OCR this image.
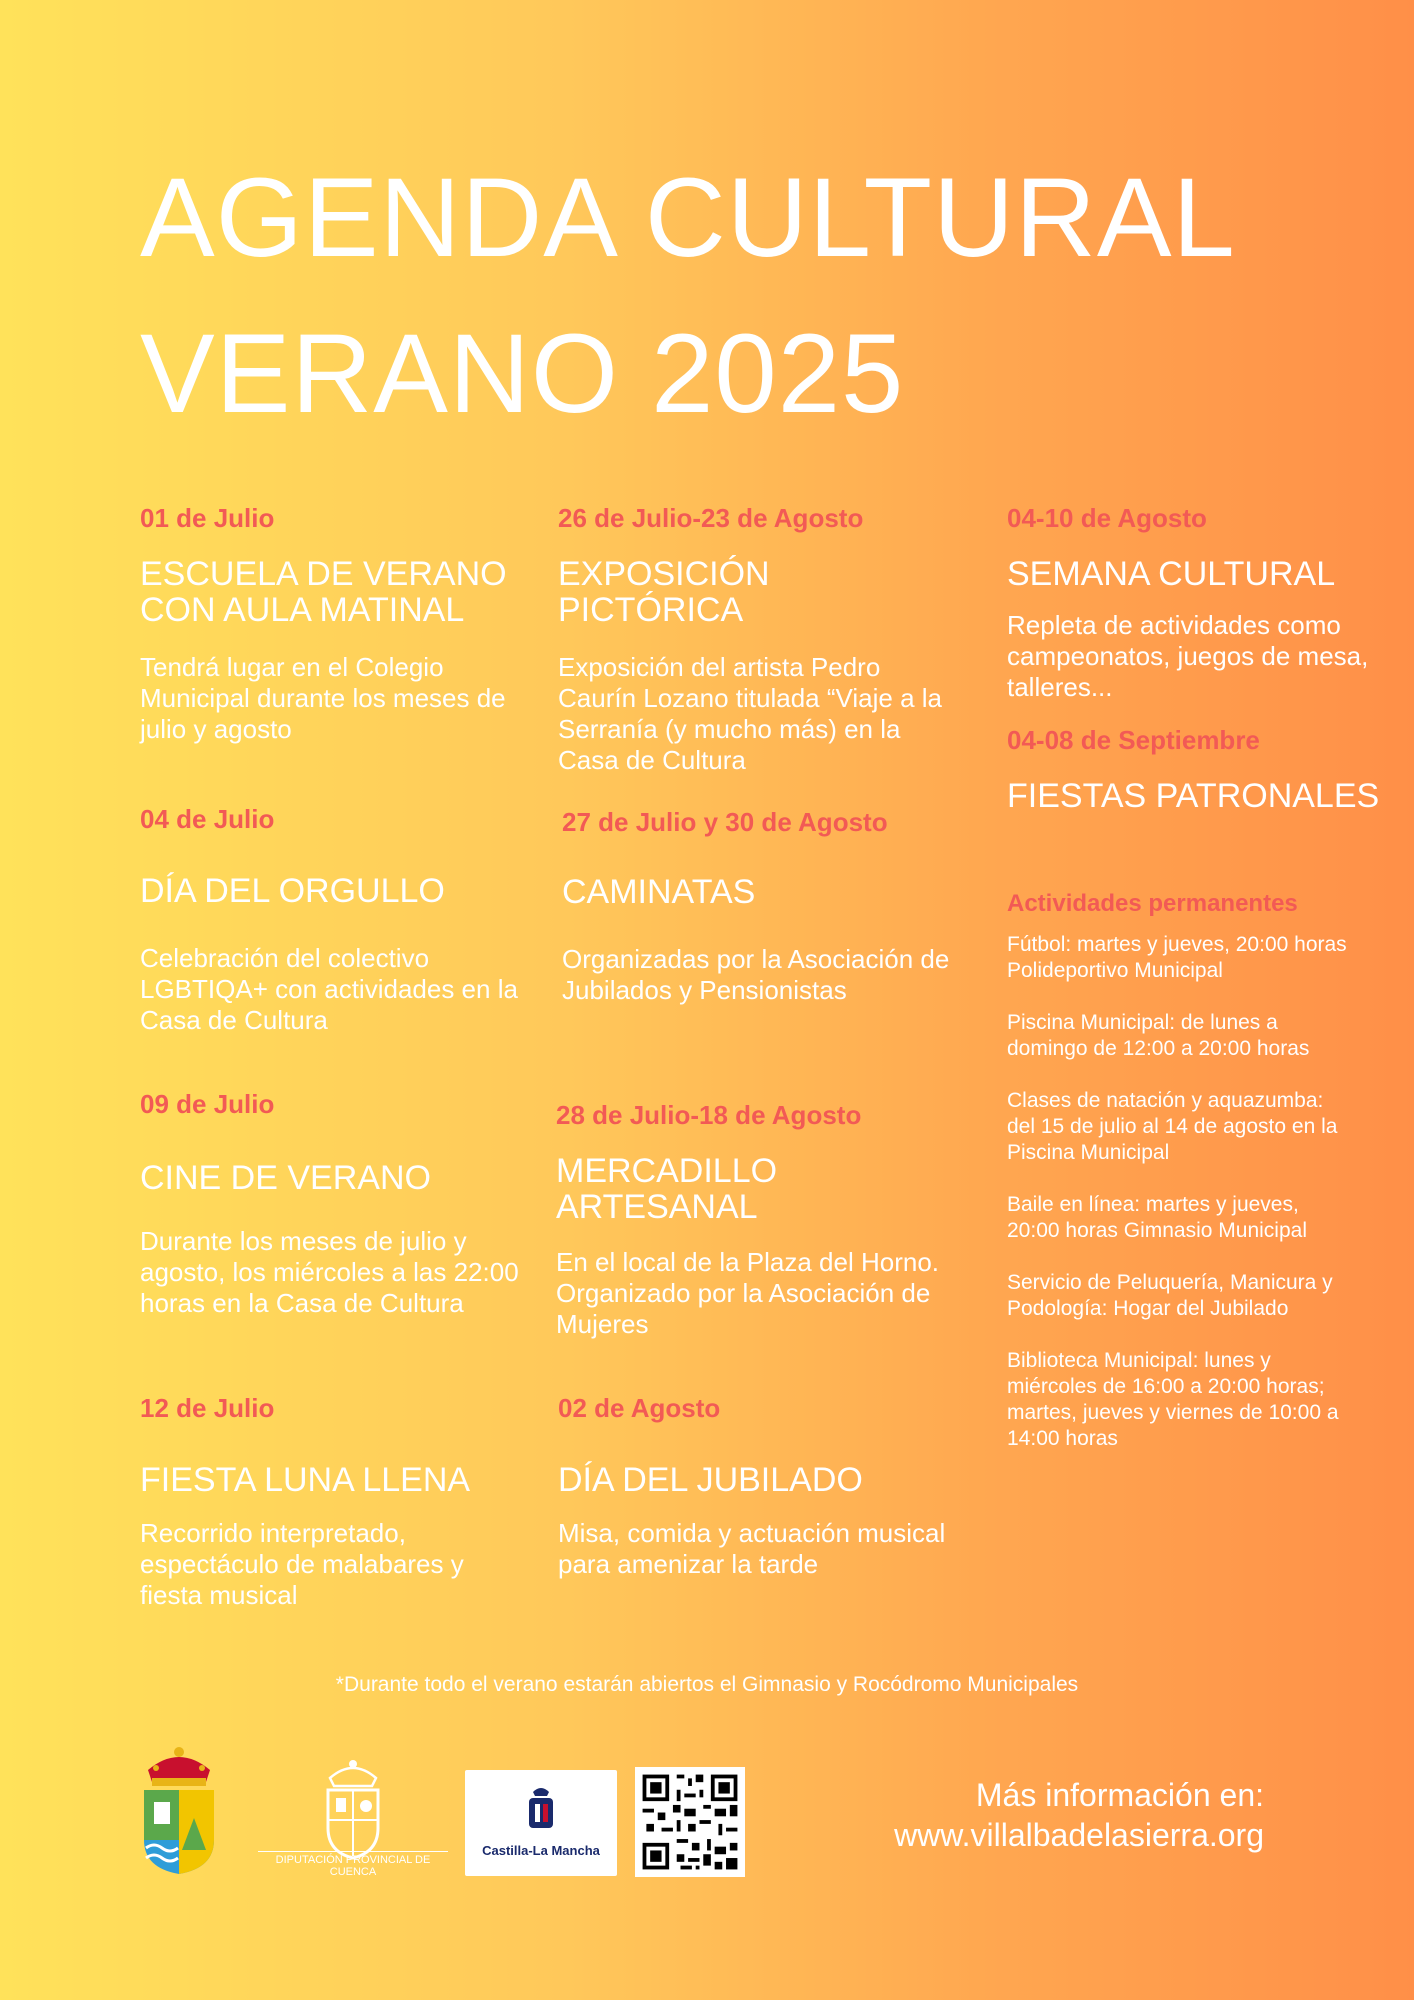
AGENDA CULTURAL
VERANO 2025
01 de Julio
ESCUELA DE VERANO CON AULA MATINAL
Tendrá lugar en el Colegio Municipal durante los meses de julio y agosto
04 de Julio
DÍA DEL ORGULLO
Celebración del colectivo LGBTIQA+ con actividades en la Casa de Cultura
09 de Julio
CINE DE VERANO
Durante los meses de julio y agosto, los miércoles a las 22:00 horas en la Casa de Cultura
12 de Julio
FIESTA LUNA LLENA
Recorrido interpretado, espectáculo de malabares y fiesta musical
26 de Julio-23 de Agosto
EXPOSICIÓN PICTÓRICA
Exposición del artista Pedro Caurín Lozano titulada “Viaje a la Serranía (y mucho más) en la Casa de Cultura
27 de Julio y 30 de Agosto
CAMINATAS
Organizadas por la Asociación de Jubilados y Pensionistas
28 de Julio-18 de Agosto
MERCADILLO ARTESANAL
En el local de la Plaza del Horno. Organizado por la Asociación de Mujeres
02 de Agosto
DÍA DEL JUBILADO
Misa, comida y actuación musical para amenizar la tarde
04-10 de Agosto
SEMANA CULTURAL
Repleta de actividades como campeonatos, juegos de mesa, talleres...
04-08 de Septiembre
FIESTAS PATRONALES
Actividades permanentes
Fútbol: martes y jueves, 20:00 horas Polideportivo Municipal
Piscina Municipal: de lunes a domingo de 12:00 a 20:00 horas
Clases de natación y aquazumba: del 15 de julio al 14 de agosto en la Piscina Municipal
Baile en línea: martes y jueves, 20:00 horas Gimnasio Municipal
Servicio de Peluquería, Manicura y Podología: Hogar del Jubilado
Biblioteca Municipal: lunes y miércoles de 16:00 a 20:00 horas; martes, jueves y viernes de 10:00 a 14:00 horas
*Durante todo el verano estarán abiertos el Gimnasio y Rocódromo Municipales
DIPUTACIÓN PROVINCIAL DE CUENCA
Castilla-La Mancha
Más información en:
www.villalbadelasierra.org
